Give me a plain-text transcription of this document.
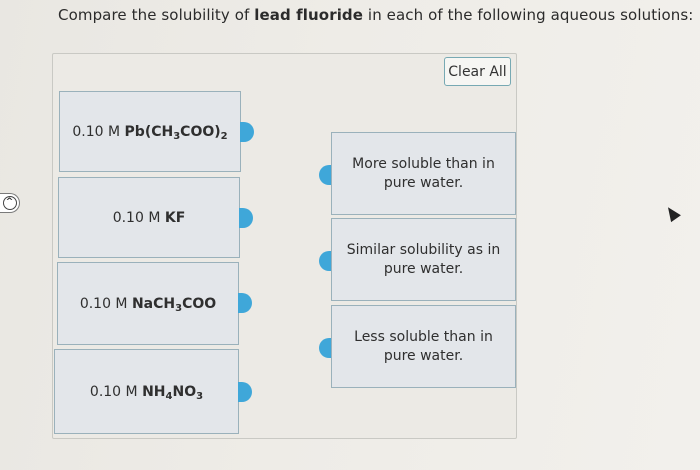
^
Compare the solubility of lead fluoride in each of the following aqueous solutions:
Clear All
0.10 M
$Pb(CH_3COO)_2$
0.10 M
KF
0.10 M
NaCH$_3$COO
0.10 M
$NH_4NO_3$
More soluble than in
pure water.
Similar solubility as in
pure water.
Less soluble than in
pure water.
